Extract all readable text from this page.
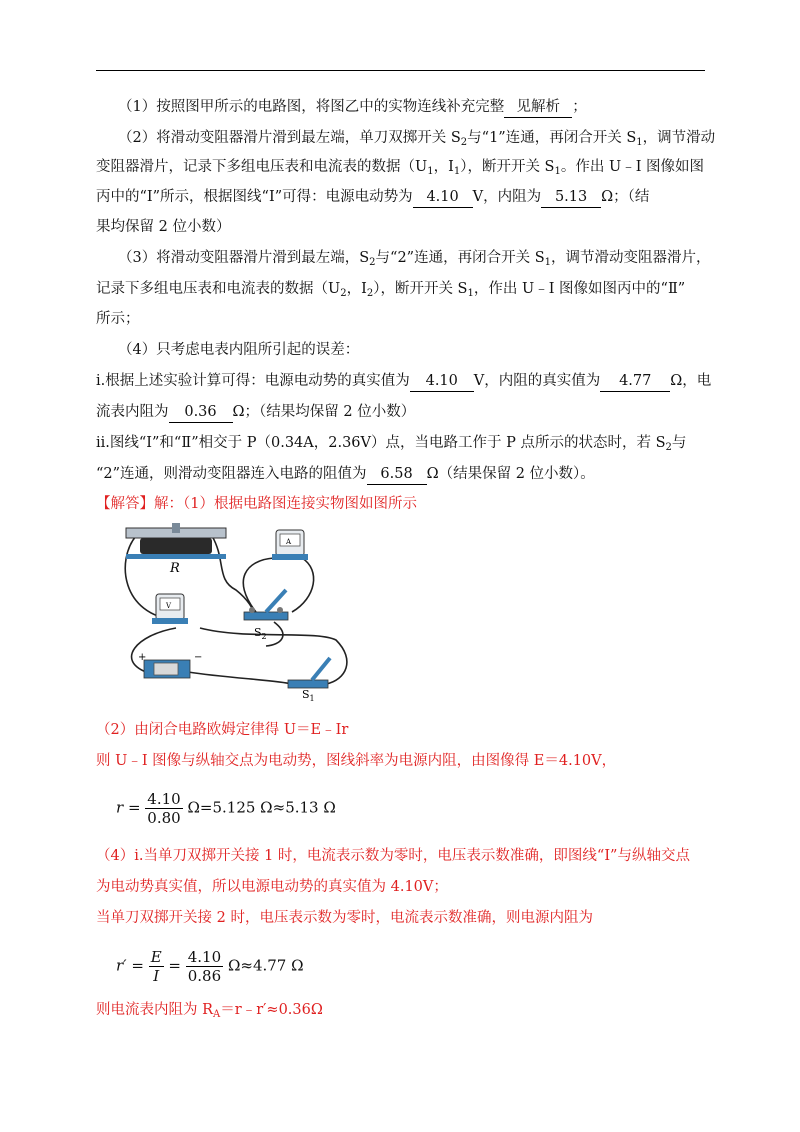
（1）按照图甲所示的电路图，将图乙中的实物连线补充完整 见解析 ；
（2）将滑动变阻器滑片滑到最左端，单刀双掷开关 $S_2$与“1”连通，再闭合开关 $S_1$，调节滑动
变阻器滑片，记录下多组电压表和电流表的数据（$U_1$，$I_1$），断开开关 $S_1$。作出 U﹣I 图像如图
丙中的“I”所示，根据图线“Ⅰ”可得：电源电动势为 4.10 V，内阻为 5.13 Ω；（结
果均保留 2 位小数）
（3）将滑动变阻器滑片滑到最左端，$S_2$与“2”连通，再闭合开关 $S_1$，调节滑动变阻器滑片，
记录下多组电压表和电流表的数据（$U_2$，$I_2$），断开开关 $S_1$，作出 U﹣I 图像如图丙中的“Ⅱ”
所示；
（4）只考虑电表内阻所引起的误差：
i.根据上述实验计算可得：电源电动势的真实值为 4.10 V，内阻的真实值为 4.77 Ω，电
流表内阻为 0.36 Ω；（结果均保留 2 位小数）
ii.图线“Ⅰ”和“Ⅱ”相交于 P（0.34A，2.36V）点，当电路工作于 P 点所示的状态时，若 $S_2$与
“2”连通，则滑动变阻器连入电路的阻值为 6.58 Ω（结果保留 2 位小数）。
【解答】解：（1）根据电路图连接实物图如图所示
R
A
V
$S_2$
+	−
$S_1$
（2）由闭合电路欧姆定律得 U＝E﹣Ir
则 U﹣I 图像与纵轴交点为电动势，图线斜率为电源内阻，由图像得 E＝4.10V，
$r = \frac{4.10}{0.80} \Omega=5.125$ Ω≈5.13 Ω
（4）i.当单刀双掷开关接 1 时，电流表示数为零时，电压表示数准确，即图线“I”与纵轴交点
为电动势真实值，所以电源电动势的真实值为 4.10V；
当单刀双掷开关接 2 时，电压表示数为零时，电流表示数准确，则电源内阻为
$r' = \frac{E}{I} = \frac{4.10}{0.86} \Omega\approx 4.77$ Ω
则电流表内阻为 $R_A=r﹣r'\approx 0.36\Omega$
